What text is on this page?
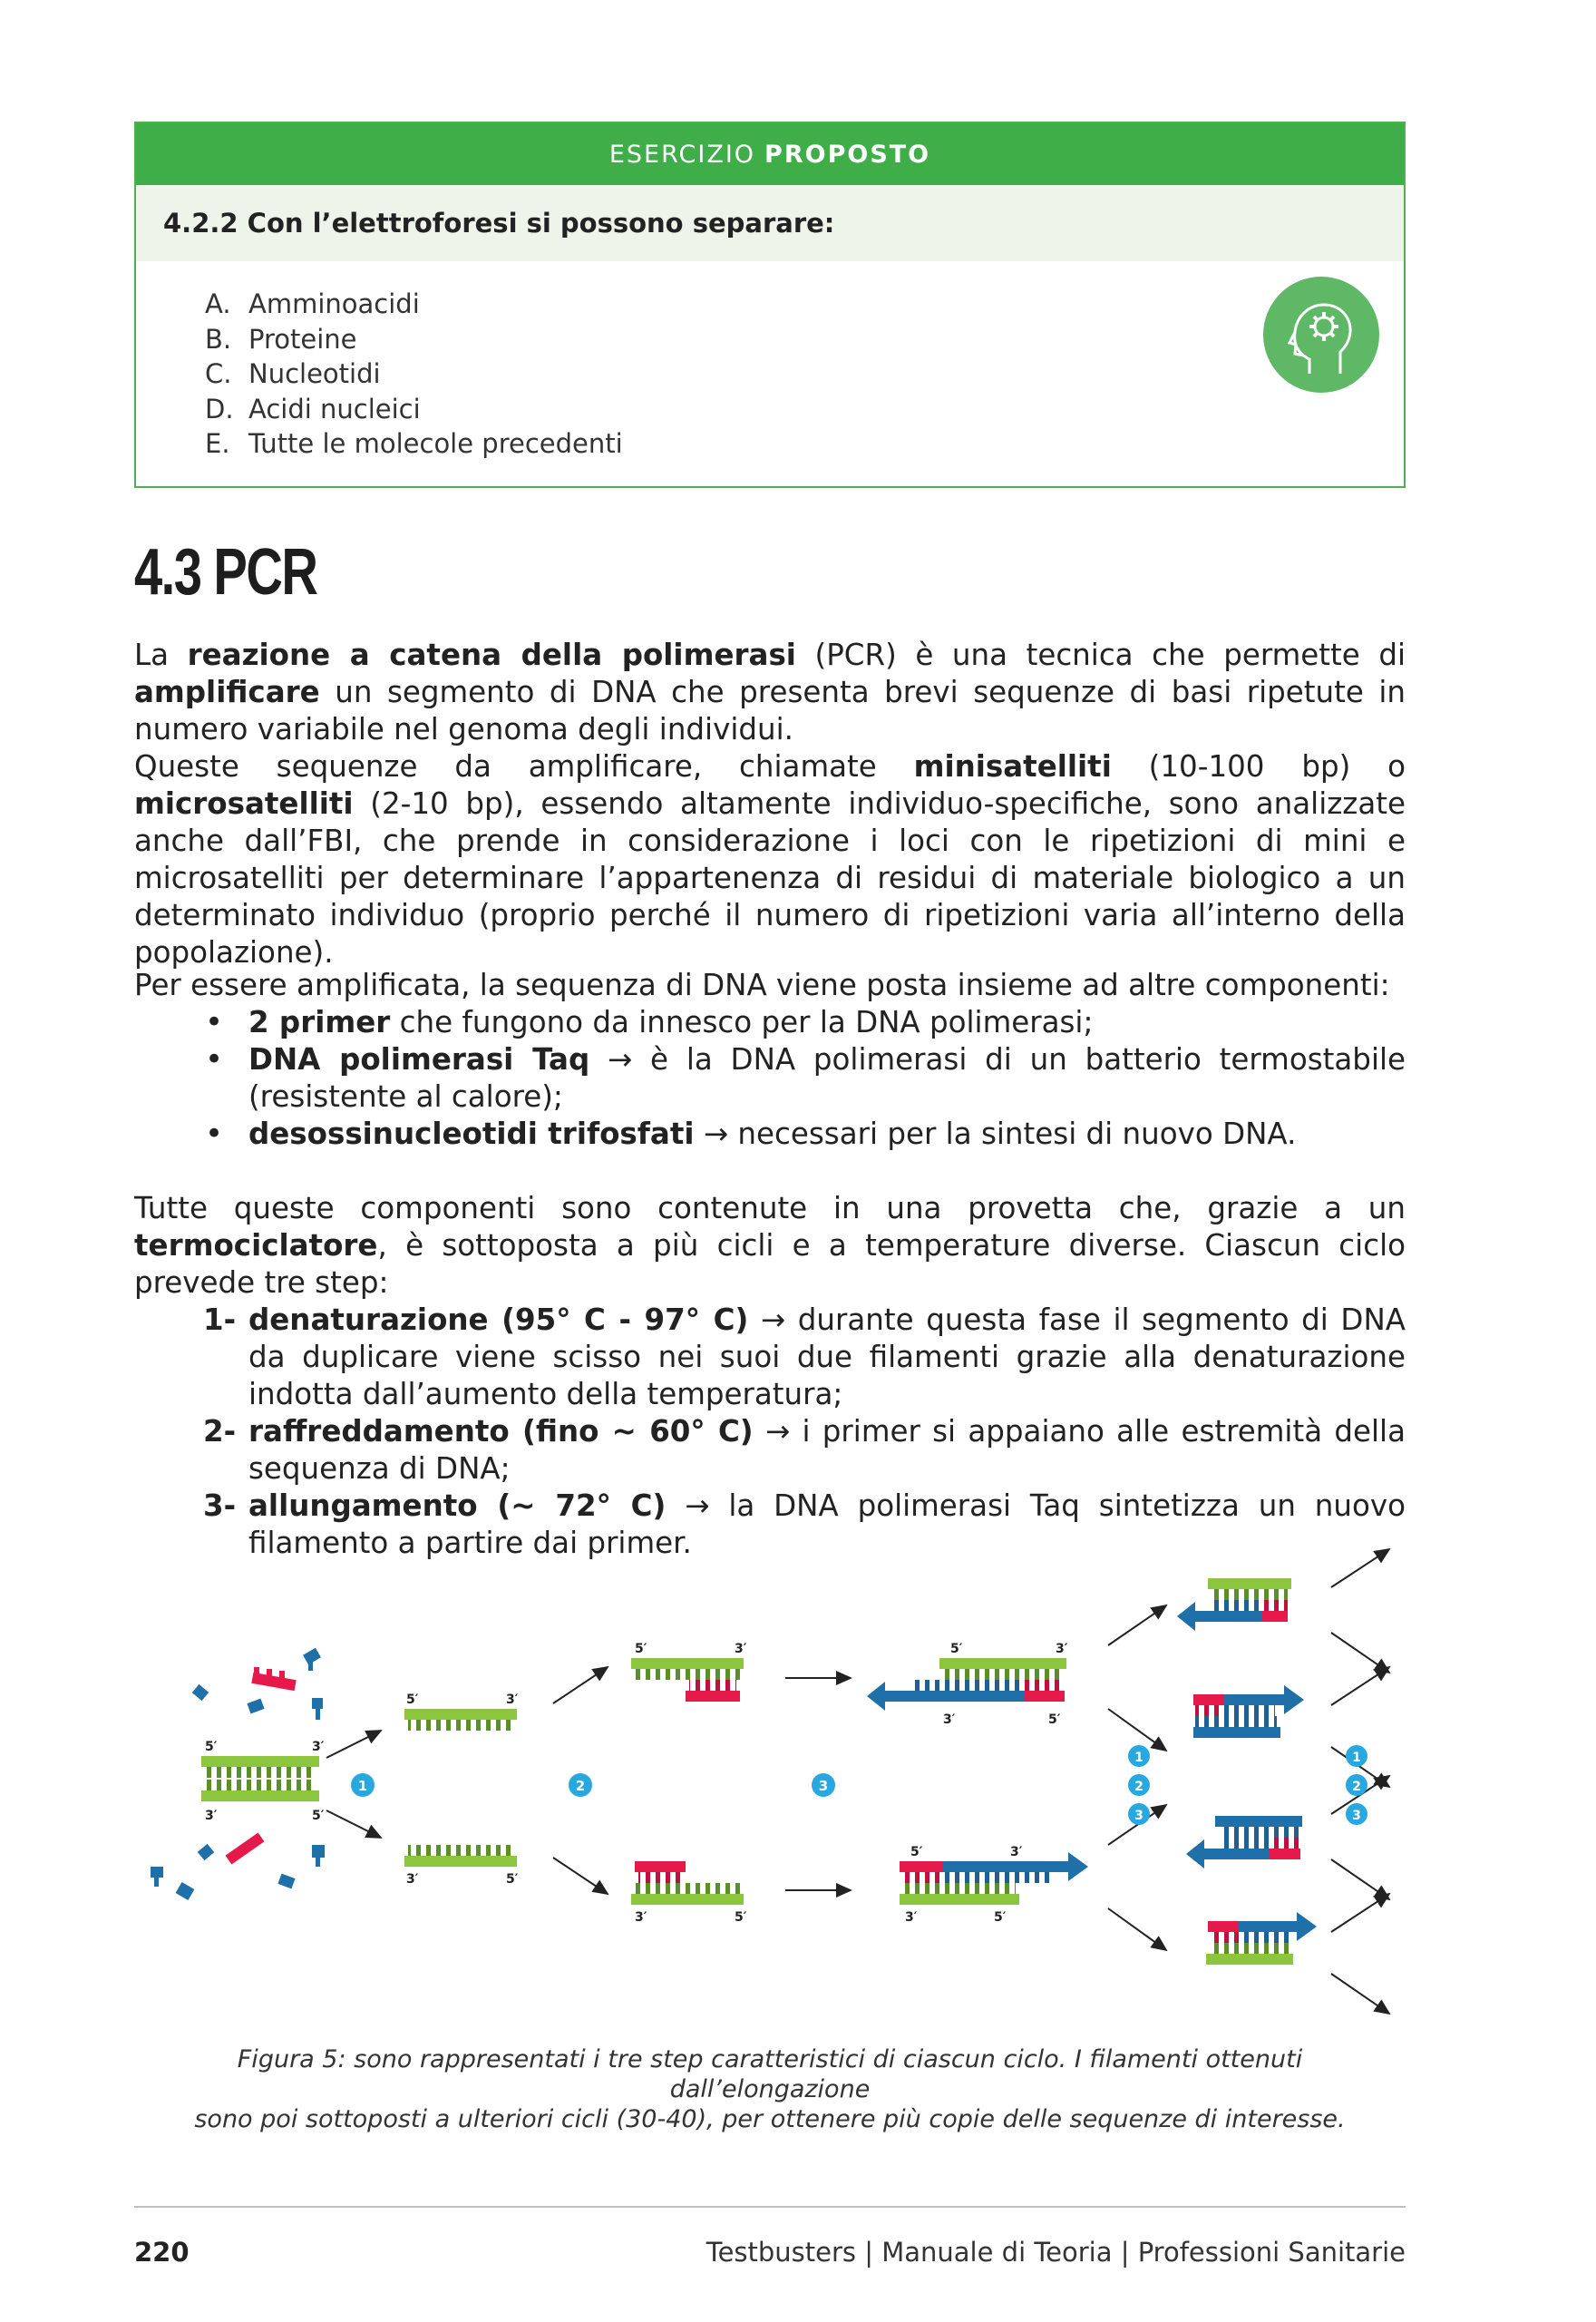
ESERCIZIO PROPOSTO
4.2.2 Con l’elettroforesi si possono separare:
A. Amminoacidi
B. Proteine
C. Nucleotidi
D. Acidi nucleici
E. Tutte le molecole precedenti
4.3 PCR
La reazione a catena della polimerasi (PCR) è una tecnica che permette di amplificare un segmento di DNA che presenta brevi sequenze di basi ripetute in numero variabile nel genoma degli individui.
Queste sequenze da amplificare, chiamate minisatelliti (10-100 bp) o microsatelliti (2-10 bp), essendo altamente individuo-specifiche, sono analizzate anche dall’FBI, che prende in considerazione i loci con le ripetizioni di mini e microsatelliti per determinare l’appartenenza di residui di materiale biologico a un determinato individuo (proprio perché il numero di ripetizioni varia all’interno della popolazione).
Per essere amplificata, la sequenza di DNA viene posta insieme ad altre componenti:
• 2 primer che fungono da innesco per la DNA polimerasi;
• DNA polimerasi Taq → è la DNA polimerasi di un batterio termostabile (resistente al calore);
• desossinucleotidi trifosfati → necessari per la sintesi di nuovo DNA.
Tutte queste componenti sono contenute in una provetta che, grazie a un termociclatore, è sottoposta a più cicli e a temperature diverse. Ciascun ciclo prevede tre step:
1- denaturazione (95° C - 97° C) → durante questa fase il segmento di DNA da duplicare viene scisso nei suoi due filamenti grazie alla denaturazione indotta dall’aumento della temperatura;
2- raffreddamento (fino ~ 60° C) → i primer si appaiano alle estremità della sequenza di DNA;
3- allungamento (~ 72° C) → la DNA polimerasi Taq sintetizza un nuovo filamento a partire dai primer.
5′	3′
3′	5′
1
5′	3′
3′	5′
2
5′	3′
3′	5′
3
5′	3′
3′	5′
5′	3′
3′	5′
1
2
3
1
2
3
Figura 5: sono rappresentati i tre step caratteristici di ciascun ciclo. I filamenti ottenuti dall’elongazione
sono poi sottoposti a ulteriori cicli (30-40), per ottenere più copie delle sequenze di interesse.
220	Testbusters | Manuale di Teoria | Professioni Sanitarie
